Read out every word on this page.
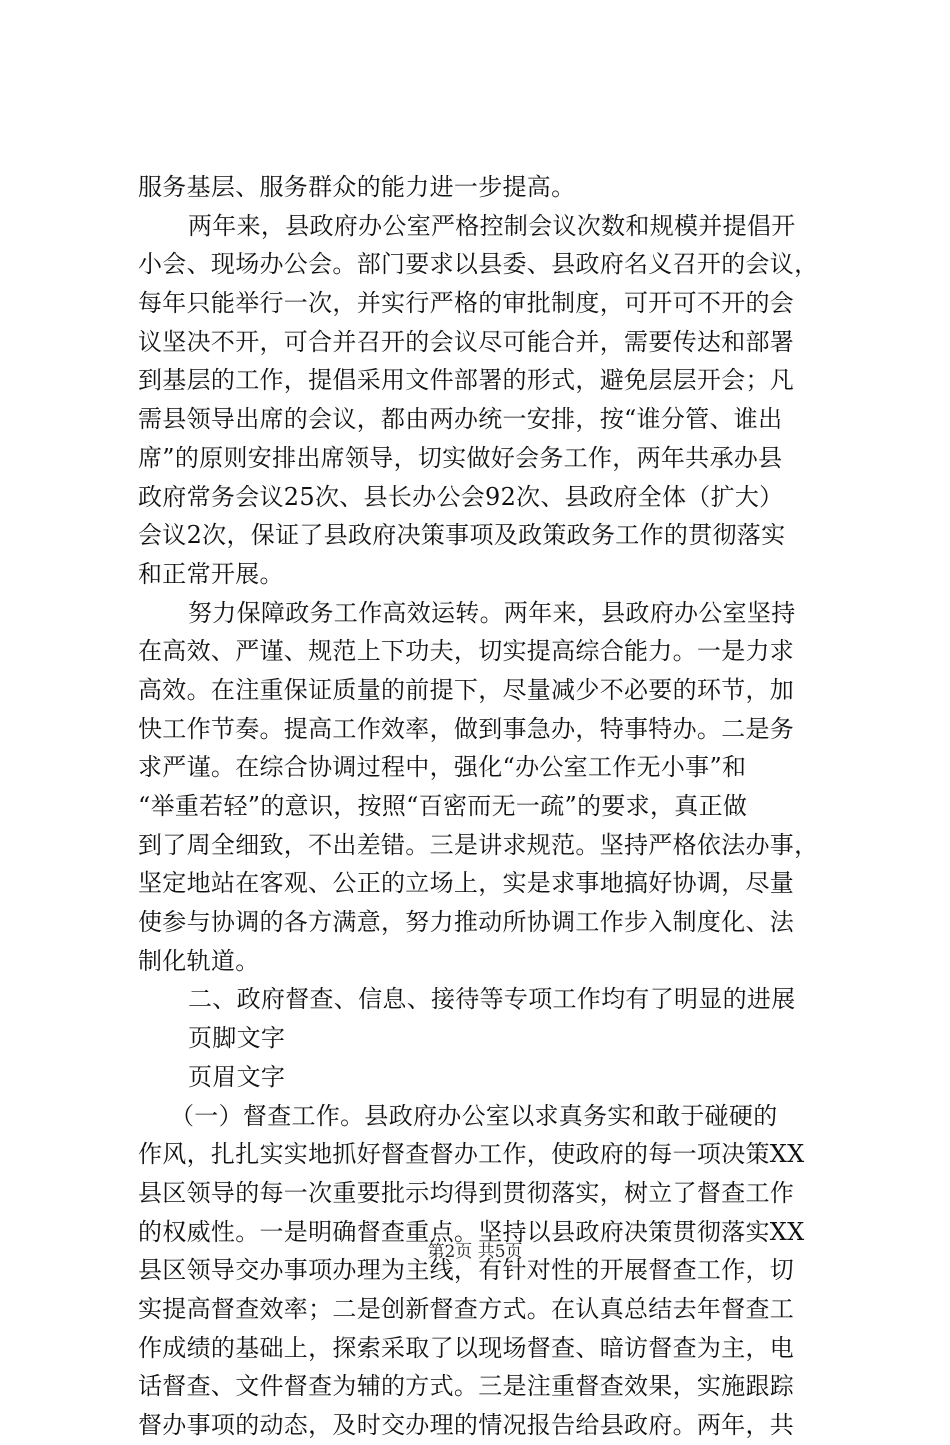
服务基层、服务群众的能力进一步提高。
两年来，县政府办公室严格控制会议次数和规模并提倡开
小会、现场办公会。部门要求以县委、县政府名义召开的会议，
每年只能举行一次，并实行严格的审批制度，可开可不开的会
议坚决不开，可合并召开的会议尽可能合并，需要传达和部署
到基层的工作，提倡采用文件部署的形式，避免层层开会；凡
需县领导出席的会议，都由两办统一安排，按“谁分管、谁出
席”的原则安排出席领导，切实做好会务工作，两年共承办县
政府常务会议25次、县长办公会92次、县政府全体（扩大）
会议2次，保证了县政府决策事项及政策政务工作的贯彻落实
和正常开展。
努力保障政务工作高效运转。两年来，县政府办公室坚持
在高效、严谨、规范上下功夫，切实提高综合能力。一是力求
高效。在注重保证质量的前提下，尽量减少不必要的环节，加
快工作节奏。提高工作效率，做到事急办，特事特办。二是务
求严谨。在综合协调过程中，强化“办公室工作无小事”和
“举重若轻”的意识，按照“百密而无一疏”的要求，真正做
到了周全细致，不出差错。三是讲求规范。坚持严格依法办事，
坚定地站在客观、公正的立场上，实是求事地搞好协调，尽量
使参与协调的各方满意，努力推动所协调工作步入制度化、法
制化轨道。
二、政府督查、信息、接待等专项工作均有了明显的进展
页脚文字
页眉文字
（一）督查工作。县政府办公室以求真务实和敢于碰硬的
作风，扎扎实实地抓好督查督办工作，使政府的每一项决策XX
县区领导的每一次重要批示均得到贯彻落实，树立了督查工作
的权威性。一是明确督查重点。坚持以县政府决策贯彻落实XX
县区领导交办事项办理为主线，有针对性的开展督查工作，切
实提高督查效率；二是创新督查方式。在认真总结去年督查工
作成绩的基础上，探索采取了以现场督查、暗访督查为主，电
话督查、文件督查为辅的方式。三是注重督查效果，实施跟踪
督办事项的动态，及时交办理的情况报告给县政府。两年，共
第2页 共5页
